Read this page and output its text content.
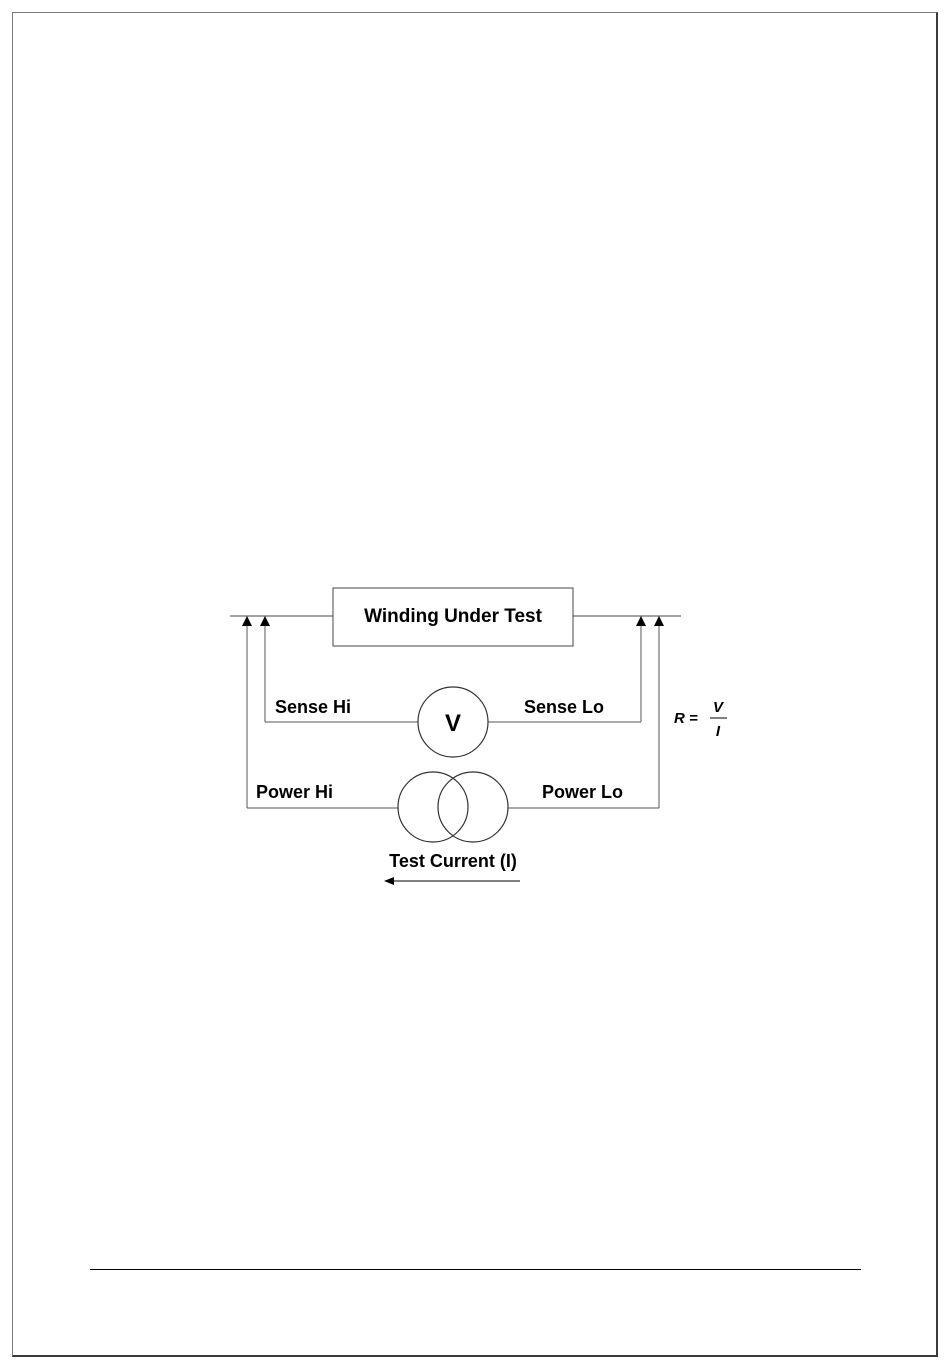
Winding Under Test
V
Sense Hi	Sense Lo
Power Hi	Power Lo
Test Current (I)
R =
V
I
